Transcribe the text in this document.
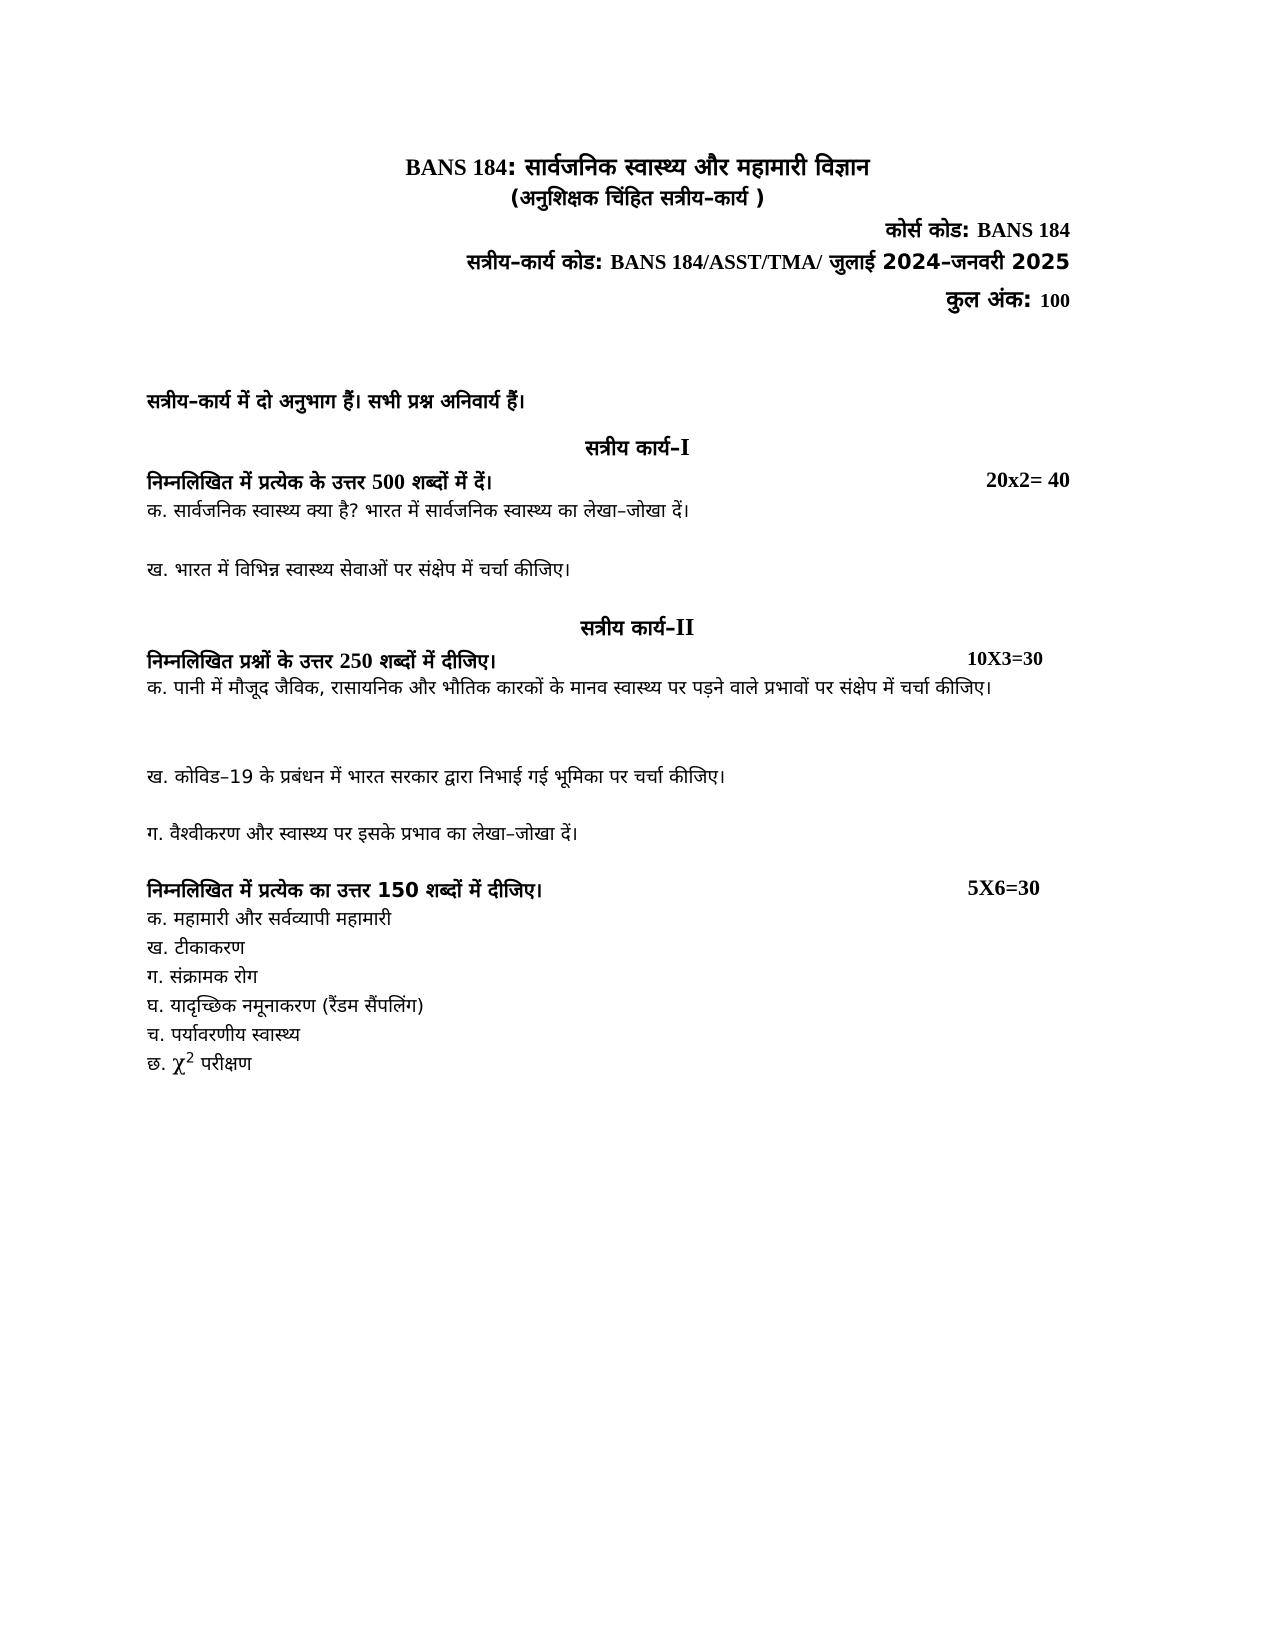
BANS 184: सार्वजनिक स्वास्थ्य और महामारी विज्ञान
(अनुशिक्षक चिंहित सत्रीय–कार्य )
कोर्स कोड: BANS 184
सत्रीय–कार्य कोड: BANS 184/ASST/TMA/ जुलाई 2024–जनवरी 2025
कुल अंक: 100
सत्रीय–कार्य में दो अनुभाग हैं। सभी प्रश्न अनिवार्य हैं।
सत्रीय कार्य–I
निम्नलिखित में प्रत्येक के उत्तर 500 शब्दों में दें।	20x2= 40
क. सार्वजनिक स्वास्थ्य क्या है? भारत में सार्वजनिक स्वास्थ्य का लेखा–जोखा दें।
ख. भारत में विभिन्न स्वास्थ्य सेवाओं पर संक्षेप में चर्चा कीजिए।
सत्रीय कार्य–II
निम्नलिखित प्रश्नों के उत्तर 250 शब्दों में दीजिए।	10X3=30
क. पानी में मौजूद जैविक, रासायनिक और भौतिक कारकों के मानव स्वास्थ्य पर पड़ने वाले प्रभावों पर संक्षेप में चर्चा कीजिए।
ख. कोविड–19 के प्रबंधन में भारत सरकार द्वारा निभाई गई भूमिका पर चर्चा कीजिए।
ग. वैश्वीकरण और स्वास्थ्य पर इसके प्रभाव का लेखा–जोखा दें।
निम्नलिखित में प्रत्येक का उत्तर 150 शब्दों में दीजिए।	5X6=30
क. महामारी और सर्वव्यापी महामारी
ख. टीकाकरण
ग. संक्रामक रोग
घ. यादृच्छिक नमूनाकरण (रैंडम सैंपलिंग)
च. पर्यावरणीय स्वास्थ्य
छ. $\chi^2$ परीक्षण
